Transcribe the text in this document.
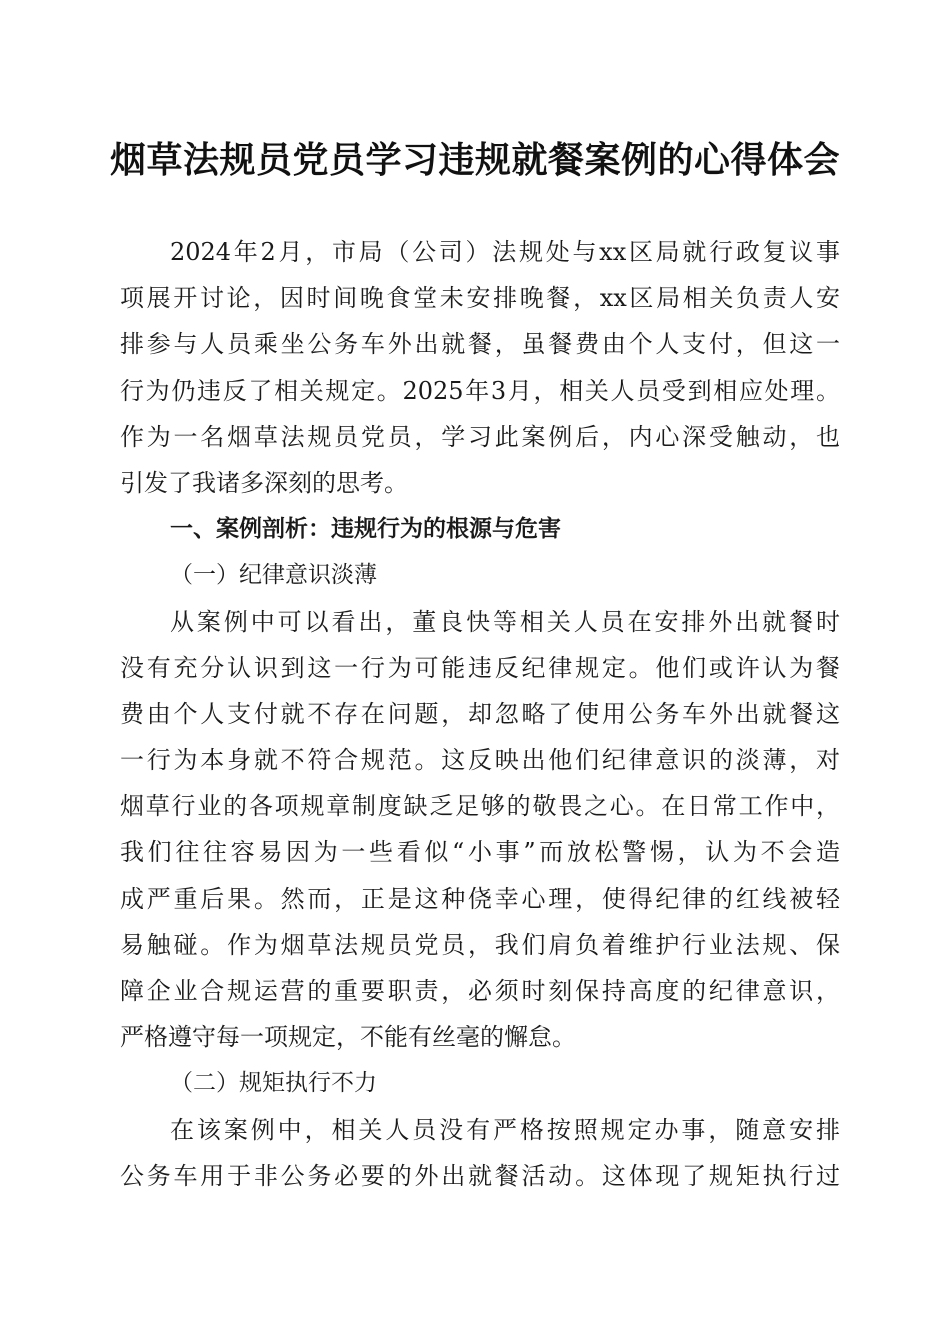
烟草法规员党员学习违规就餐案例的心得体会
2024年2月，市局（公司）法规处与xx区局就行政复议事
项展开讨论，因时间晚食堂未安排晚餐，xx区局相关负责人安
排参与人员乘坐公务车外出就餐，虽餐费由个人支付，但这一
行为仍违反了相关规定。2025年3月，相关人员受到相应处理。
作为一名烟草法规员党员，学习此案例后，内心深受触动，也
引发了我诸多深刻的思考。
一、案例剖析：违规行为的根源与危害
（一）纪律意识淡薄
从案例中可以看出，董良快等相关人员在安排外出就餐时
没有充分认识到这一行为可能违反纪律规定。他们或许认为餐
费由个人支付就不存在问题，却忽略了使用公务车外出就餐这
一行为本身就不符合规范。这反映出他们纪律意识的淡薄，对
烟草行业的各项规章制度缺乏足够的敬畏之心。在日常工作中，
我们往往容易因为一些看似“小事”而放松警惕，认为不会造
成严重后果。然而，正是这种侥幸心理，使得纪律的红线被轻
易触碰。作为烟草法规员党员，我们肩负着维护行业法规、保
障企业合规运营的重要职责，必须时刻保持高度的纪律意识，
严格遵守每一项规定，不能有丝毫的懈怠。
（二）规矩执行不力
在该案例中，相关人员没有严格按照规定办事，随意安排
公务车用于非公务必要的外出就餐活动。这体现了规矩执行过
